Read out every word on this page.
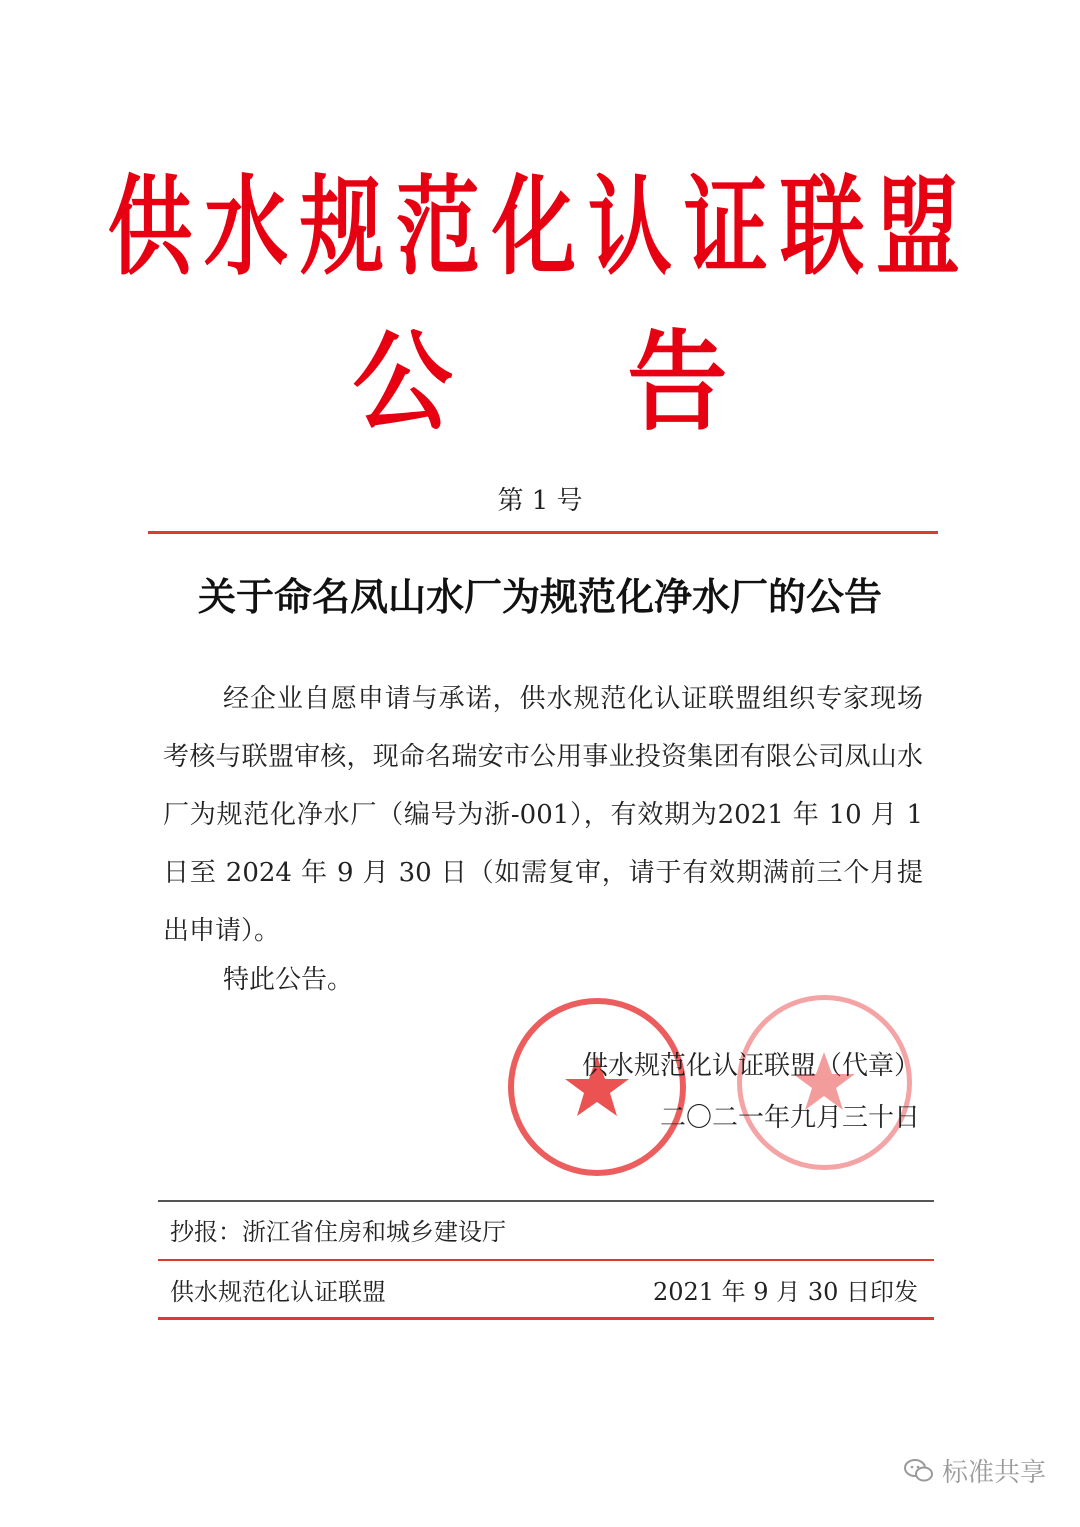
供水规范化认证联盟
公 告
第 1 号
关于命名凤山水厂为规范化净水厂的公告
经企业自愿申请与承诺，供水规范化认证联盟组织专家现场考核与联盟审核，现命名瑞安市公用事业投资集团有限公司凤山水厂为规范化净水厂（编号为浙-001），有效期为2021 年 10 月 1 日至 2024 年 9 月 30 日（如需复审，请于有效期满前三个月提出申请）。
特此公告。
供水规范化认证联盟（代章）
二〇二一年九月三十日
抄报：浙江省住房和城乡建设厅
供水规范化认证联盟	2021 年 9 月 30 日印发
标准共享
